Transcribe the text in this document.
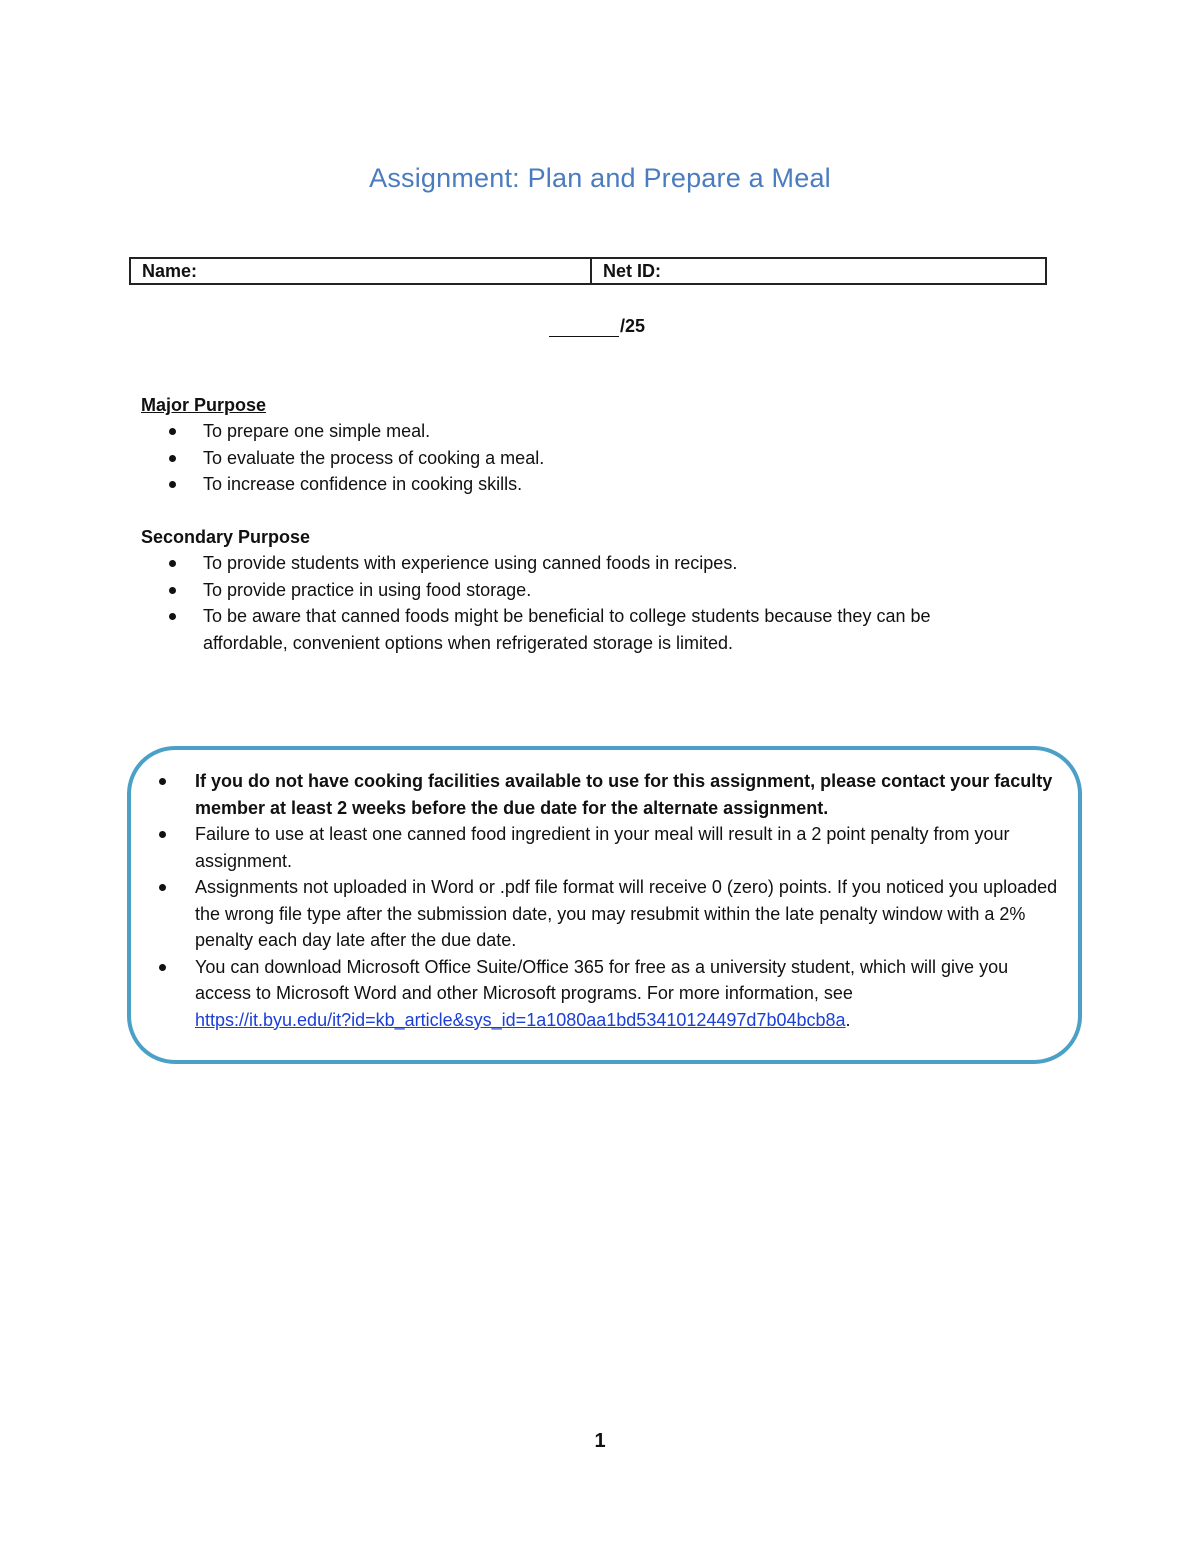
Assignment: Plan and Prepare a Meal
Name:	Net ID:
/25
Major Purpose
To prepare one simple meal.
To evaluate the process of cooking a meal.
To increase confidence in cooking skills.
Secondary Purpose
To provide students with experience using canned foods in recipes.
To provide practice in using food storage.
To be aware that canned foods might be beneficial to college students because they can be affordable, convenient options when refrigerated storage is limited.
If you do not have cooking facilities available to use for this assignment, please contact your faculty member at least 2 weeks before the due date for the alternate assignment.
Failure to use at least one canned food ingredient in your meal will result in a 2 point penalty from your assignment.
Assignments not uploaded in Word or .pdf file format will receive 0 (zero) points. If you noticed you uploaded the wrong file type after the submission date, you may resubmit within the late penalty window with a 2% penalty each day late after the due date.
You can download Microsoft Office Suite/Office 365 for free as a university student, which will give you access to Microsoft Word and other Microsoft programs. For more information, see
https://it.byu.edu/it?id=kb_article&sys_id=1a1080aa1bd53410124497d7b04bcb8a.
1
